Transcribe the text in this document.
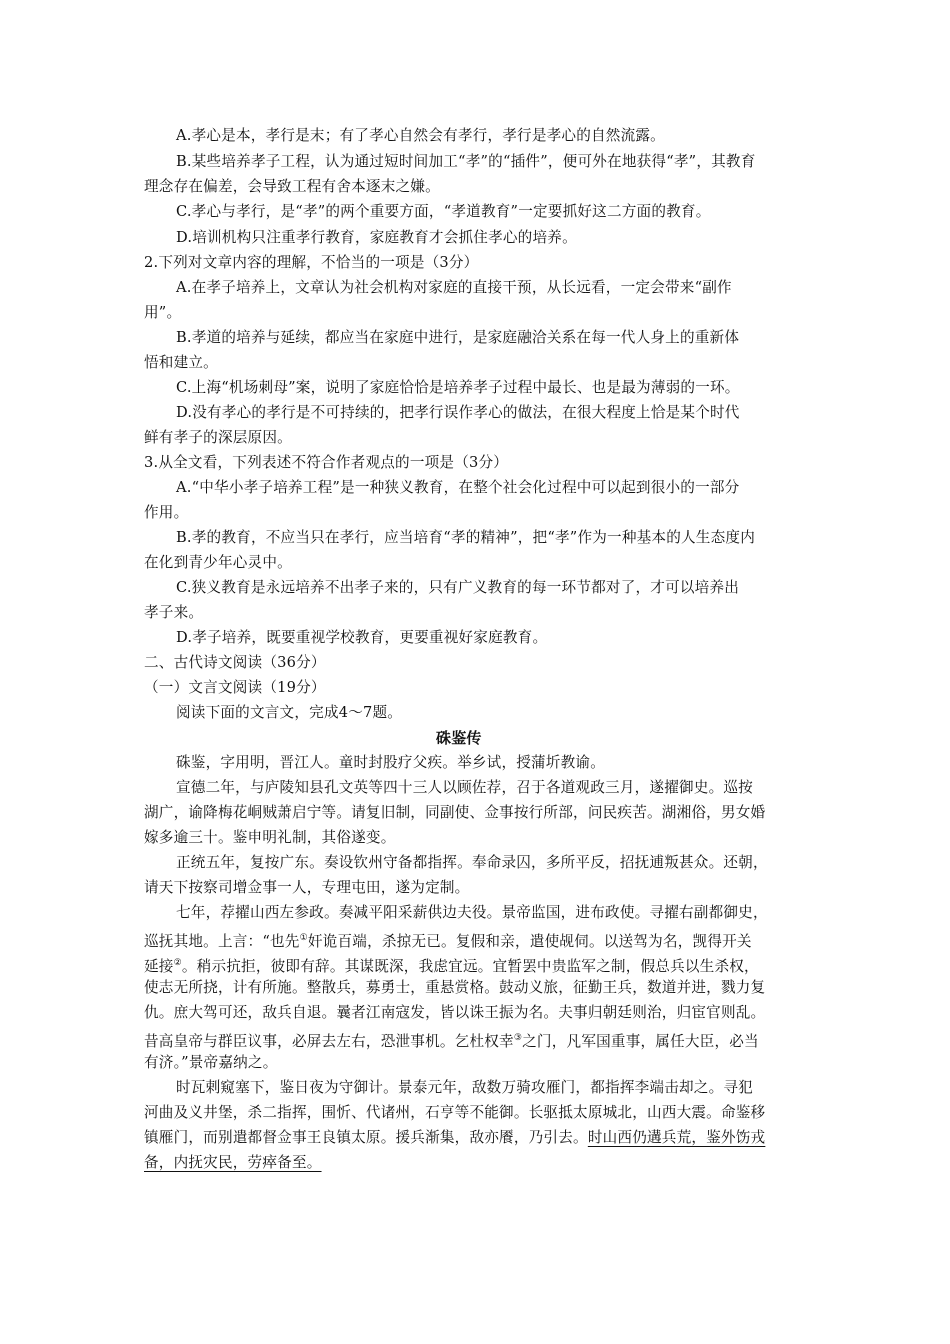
A.孝心是本，孝行是末；有了孝心自然会有孝行，孝行是孝心的自然流露。
B.某些培养孝子工程，认为通过短时间加工“孝”的“插件”，便可外在地获得“孝”，其教育
理念存在偏差，会导致工程有舍本逐末之嫌。
C.孝心与孝行，是“孝”的两个重要方面，“孝道教育”一定要抓好这二方面的教育。
D.培训机构只注重孝行教育，家庭教育才会抓住孝心的培养。
2.下列对文章内容的理解，不恰当的一项是（3分）
A.在孝子培养上，文章认为社会机构对家庭的直接干预，从长远看，一定会带来“副作
用”。
B.孝道的培养与延续，都应当在家庭中进行，是家庭融洽关系在每一代人身上的重新体
悟和建立。
C.上海“机场刺母”案，说明了家庭恰恰是培养孝子过程中最长、也是最为薄弱的一环。
D.没有孝心的孝行是不可持续的，把孝行误作孝心的做法，在很大程度上恰是某个时代
鲜有孝子的深层原因。
3.从全文看，下列表述不符合作者观点的一项是（3分）
A.“中华小孝子培养工程”是一种狭义教育，在整个社会化过程中可以起到很小的一部分
作用。
B.孝的教育，不应当只在孝行，应当培育“孝的精神”，把“孝”作为一种基本的人生态度内
在化到青少年心灵中。
C.狭义教育是永远培养不出孝子来的，只有广义教育的每一环节都对了，才可以培养出
孝子来。
D.孝子培养，既要重视学校教育，更要重视好家庭教育。
二、古代诗文阅读（36分）
（一）文言文阅读（19分）
阅读下面的文言文，完成4～7题。
硃鉴传
硃鉴，字用明，晋江人。童时封股疗父疾。举乡试，授蒲圻教谕。
宣德二年，与庐陵知县孔文英等四十三人以顾佐荐，召于各道观政三月，遂擢御史。巡按
湖广，谕降梅花峒贼萧启宁等。请复旧制，同副使、佥事按行所部，问民疾苦。湖湘俗，男女婚
嫁多逾三十。鉴申明礼制，其俗遂变。
正统五年，复按广东。奏设钦州守备都指挥。奉命录囚，多所平反，招抚逋叛甚众。还朝，
请天下按察司增佥事一人，专理屯田，遂为定制。
七年，荐擢山西左参政。奏减平阳采薪供边夫役。景帝监国，进布政使。寻擢右副都御史，
巡抚其地。上言：“也先①奸诡百端，杀掠无已。复假和亲，遣使觇伺。以送驾为名，觊得开关
延接②。稍示抗拒，彼即有辞。其谋既深，我虑宜远。宜暂罢中贵监军之制，假总兵以生杀权，
使志无所挠，计有所施。整散兵，募勇士，重悬赏格。鼓动义旅，征勤王兵，数道并进，戮力复
仇。庶大驾可还，敌兵自退。曩者江南寇发，皆以诛王振为名。夫事归朝廷则治，归宦官则乱。
昔高皇帝与群臣议事，必屏去左右，恐泄事机。乞杜权幸③之门，凡军国重事，属任大臣，必当
有济。”景帝嘉纳之。
时瓦剌窥塞下，鉴日夜为守御计。景泰元年，敌数万骑攻雁门，都指挥李端击却之。寻犯
河曲及义井堡，杀二指挥，围忻、代诸州，石亨等不能御。长驱抵太原城北，山西大震。命鉴移
镇雁门，而别遣都督佥事王良镇太原。援兵渐集，敌亦餍，乃引去。时山西仍遘兵荒，鉴外饬戎
备，内抚灾民，劳瘁备至。
